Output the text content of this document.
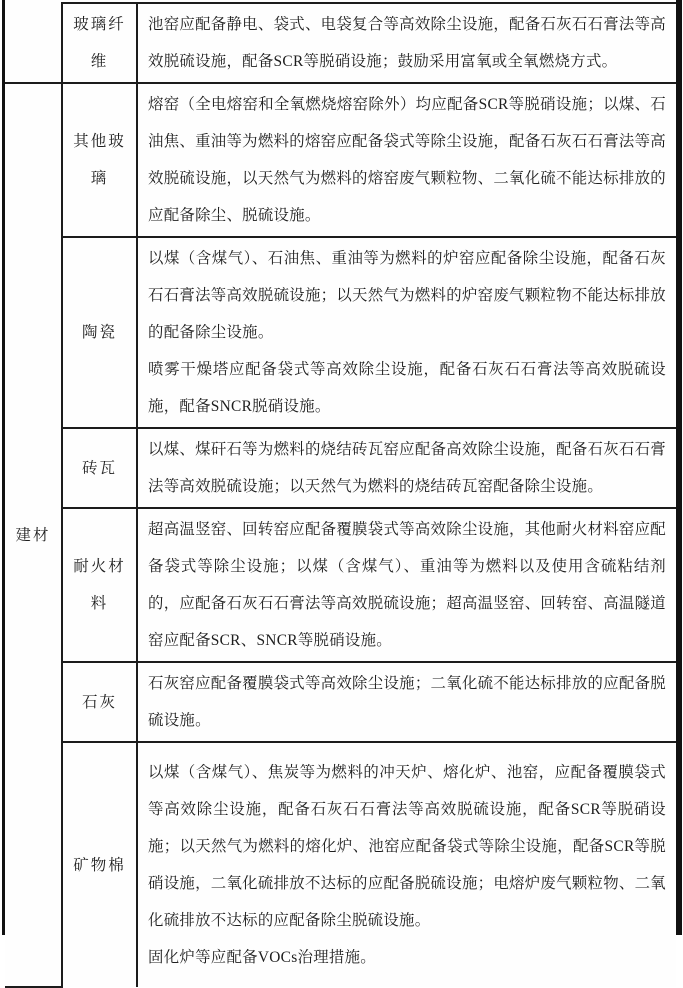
	玻璃纤维	池窑应配备静电、袋式、电袋复合等高效除尘设施，配备石灰石石膏法等高效脱硫设施，配备SCR等脱硝设施；鼓励采用富氧或全氧燃烧方式。

建材	其他玻璃	熔窑（全电熔窑和全氧燃烧熔窑除外）均应配备SCR等脱硝设施；以煤、石油焦、重油等为燃料的熔窑应配备袋式等除尘设施，配备石灰石石膏法等高效脱硫设施，以天然气为燃料的熔窑废气颗粒物、二氧化硫不能达标排放的应配备除尘、脱硫设施。

	陶瓷	以煤（含煤气）、石油焦、重油等为燃料的炉窑应配备除尘设施，配备石灰石石膏法等高效脱硫设施；以天然气为燃料的炉窑废气颗粒物不能达标排放的配备除尘设施。
喷雾干燥塔应配备袋式等高效除尘设施，配备石灰石石膏法等高效脱硫设施，配备SNCR脱硝设施。

	砖瓦	以煤、煤矸石等为燃料的烧结砖瓦窑应配备高效除尘设施，配备石灰石石膏法等高效脱硫设施；以天然气为燃料的烧结砖瓦窑配备除尘设施。

	耐火材料	超高温竖窑、回转窑应配备覆膜袋式等高效除尘设施，其他耐火材料窑应配备袋式等除尘设施；以煤（含煤气）、重油等为燃料以及使用含硫粘结剂的，应配备石灰石石膏法等高效脱硫设施；超高温竖窑、回转窑、高温隧道窑应配备SCR、SNCR等脱硝设施。

	石灰	石灰窑应配备覆膜袋式等高效除尘设施；二氧化硫不能达标排放的应配备脱硫设施。

	矿物棉	以煤（含煤气）、焦炭等为燃料的冲天炉、熔化炉、池窑，应配备覆膜袋式等高效除尘设施，配备石灰石石膏法等高效脱硫设施，配备SCR等脱硝设施；以天然气为燃料的熔化炉、池窑应配备袋式等除尘设施，配备SCR等脱硝设施，二氧化硫排放不达标的应配备脱硫设施；电熔炉废气颗粒物、二氧化硫排放不达标的应配备除尘脱硫设施。
固化炉等应配备VOCs治理措施。
